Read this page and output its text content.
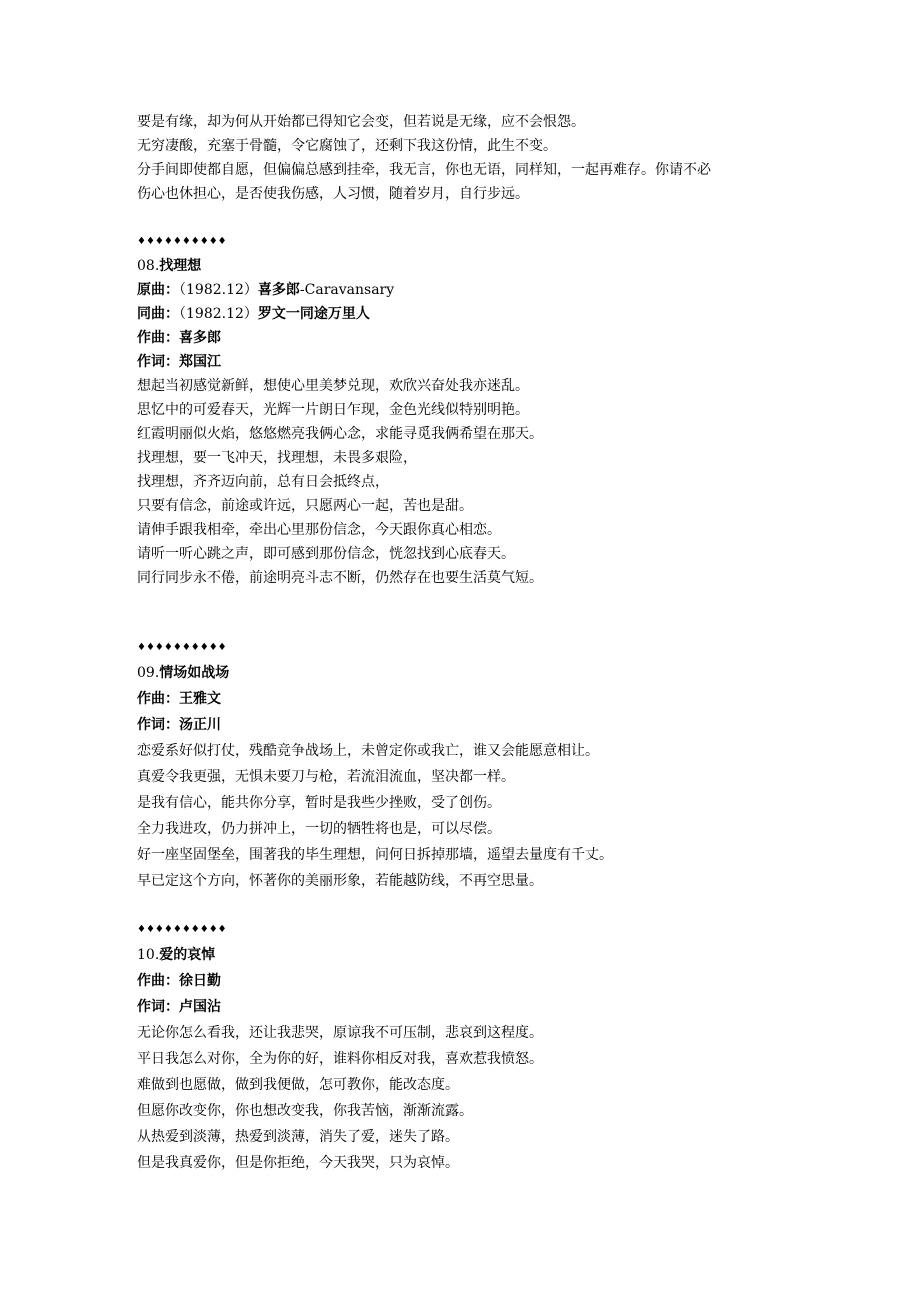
要是有缘，却为何从开始都已得知它会变，但若说是无缘，应不会恨怨。
无穷凄酸，充塞于骨髓，令它腐蚀了，还剩下我这份情，此生不变。
分手间即使都自愿，但偏偏总感到挂牵，我无言，你也无语，同样知，一起再难存。你请不必
伤心也休担心，是否使我伤感，人习惯，随着岁月，自行步远。
♦♦♦♦♦♦♦♦♦♦
08.找理想
原曲：（1982.12）喜多郎-Caravansary
同曲：（1982.12）罗文一同途万里人
作曲：喜多郎
作词：郑国江
想起当初感觉新鲜，想使心里美梦兑现，欢欣兴奋处我亦迷乱。
思忆中的可爱春天，光辉一片朗日乍现，金色光线似特别明艳。
红霞明丽似火焰，悠悠燃亮我俩心念，求能寻觅我俩希望在那天。
找理想，要一飞冲天，找理想，未畏多艰险，
找理想，齐齐迈向前，总有日会抵终点，
只要有信念，前途或许远，只愿两心一起，苦也是甜。
请伸手跟我相牵，牵出心里那份信念，今天跟你真心相恋。
请听一听心跳之声，即可感到那份信念，恍忽找到心底春天。
同行同步永不倦，前途明亮斗志不断，仍然存在也要生活莫气短。
♦♦♦♦♦♦♦♦♦♦
09.情场如战场
作曲：王雅文
作词：汤正川
恋爱系好似打仗，残酷竞争战场上，未曾定你或我亡，谁又会能愿意相让。
真爱令我更强，无惧未要刀与枪，若流泪流血，坚决都一样。
是我有信心，能共你分享，暂时是我些少挫败，受了创伤。
全力我进攻，仍力拼冲上，一切的牺牲将也是，可以尽偿。
好一座坚固堡垒，围著我的毕生理想，问何日拆掉那墙，遥望去量度有千丈。
早已定这个方向，怀著你的美丽形象，若能越防线，不再空思量。
♦♦♦♦♦♦♦♦♦♦
10.爱的哀悼
作曲：徐日勤
作词：卢国沾
无论你怎么看我，还让我悲哭，原谅我不可压制，悲哀到这程度。
平日我怎么对你，全为你的好，谁料你相反对我，喜欢惹我愤怒。
难做到也愿做，做到我便做，怎可教你，能改态度。
但愿你改变你，你也想改变我，你我苦恼，渐渐流露。
从热爱到淡薄，热爱到淡薄，消失了爱，迷失了路。
但是我真爱你，但是你拒绝，今天我哭，只为哀悼。
